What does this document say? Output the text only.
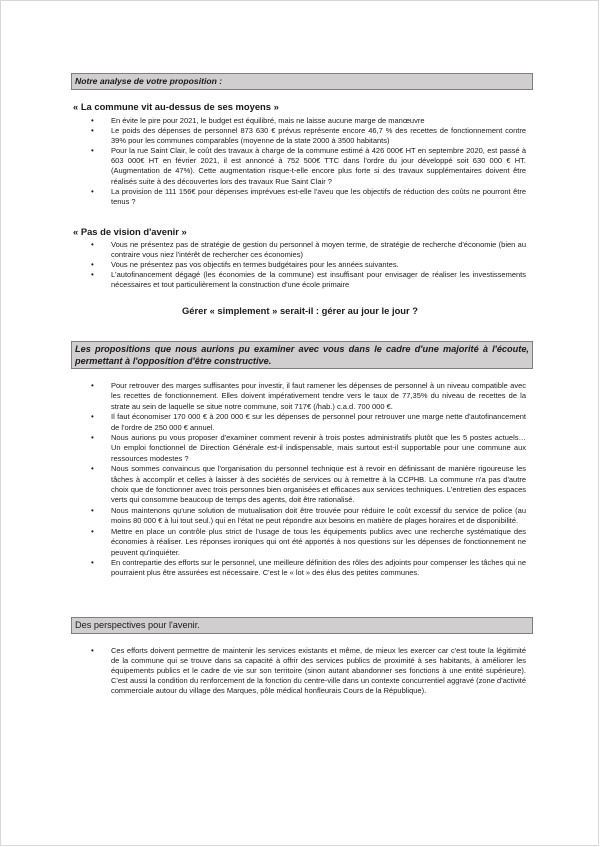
Notre analyse de votre proposition :
« La commune vit au-dessus de ses moyens »
• En évite le pire pour 2021, le budget est équilibré, mais ne laisse aucune marge de manœuvre
• Le poids des dépenses de personnel 873 630 € prévus représente encore 46,7 % des recettes de fonctionnement contre 39% pour les communes comparables (moyenne de la state 2000 à 3500 habitants)
• Pour la rue Saint Clair, le coût des travaux à charge de la commune estimé à 426 000€ HT en septembre 2020, est passé à 603 000€ HT en février 2021, il est annoncé à 752 500€ TTC dans l'ordre du jour développé soit 630 000 € HT. (Augmentation de 47%). Cette augmentation risque-t-elle encore plus forte si des travaux supplémentaires doivent être réalisés suite à des découvertes lors des travaux Rue Saint Clair ?
• La provision de 111 156€ pour dépenses imprévues est-elle l'aveu que les objectifs de réduction des coûts ne pourront être tenus ?
« Pas de vision d'avenir »
• Vous ne présentez pas de stratégie de gestion du personnel à moyen terme, de stratégie de recherche d'économie (bien au contraire vous niez l'intérêt de rechercher ces économies)
• Vous ne présentez pas vos objectifs en termes budgétaires pour les années suivantes.
• L'autofinancement dégagé (les économies de la commune) est insuffisant pour envisager de réaliser les investissements nécessaires et tout particulièrement la construction d'une école primaire
Gérer « simplement » serait-il : gérer au jour le jour ?
Les propositions que nous aurions pu examiner avec vous dans le cadre d'une majorité à l'écoute, permettant à l'opposition d'être constructive.
• Pour retrouver des marges suffisantes pour investir, il faut ramener les dépenses de personnel à un niveau compatible avec les recettes de fonctionnement. Elles doivent impérativement tendre vers le taux de 77,35% du niveau de recettes de la strate au sein de laquelle se situe notre commune, soit 717€ (/hab.) c.a.d. 700 000 €.
• Il faut économiser 170 000 € à 200 000 € sur les dépenses de personnel pour retrouver une marge nette d'autofinancement de l'ordre de 250 000 € annuel.
• Nous aurions pu vous proposer d'examiner comment revenir à trois postes administratifs plutôt que les 5 postes actuels… Un emploi fonctionnel de Direction Générale est-il indispensable, mais surtout est-il supportable pour une commune aux ressources modestes ?
• Nous sommes convaincus que l'organisation du personnel technique est à revoir en définissant de manière rigoureuse les tâches à accomplir et celles à laisser à des sociétés de services ou à remettre à la CCPHB. La commune n'a pas d'autre choix que de fonctionner avec trois personnes bien organisées et efficaces aux services techniques. L'entretien des espaces verts qui consomme beaucoup de temps des agents, doit être rationalisé.
• Nous maintenons qu'une solution de mutualisation doit être trouvée pour réduire le coût excessif du service de police (au moins 80 000 € à lui tout seul.) qui en l'état ne peut répondre aux besoins en matière de plages horaires et de disponibilité.
• Mettre en place un contrôle plus strict de l'usage de tous les équipements publics avec une recherche systématique des économies à réaliser. Les réponses ironiques qui ont été apportés à nos questions sur les dépenses de fonctionnement ne peuvent qu'inquiéter.
• En contrepartie des efforts sur le personnel, une meilleure définition des rôles des adjoints pour compenser les tâches qui ne pourraient plus être assurées est nécessaire. C'est le « lot » des élus des petites communes.
Des perspectives pour l'avenir.
• Ces efforts doivent permettre de maintenir les services existants et même, de mieux les exercer car c'est toute la légitimité de la commune qui se trouve dans sa capacité à offrir des services publics de proximité à ses habitants, à améliorer les équipements publics et le cadre de vie sur son territoire (sinon autant abandonner ses fonctions à une entité supérieure). C'est aussi la condition du renforcement de la fonction du centre-ville dans un contexte concurrentiel aggravé (zone d'activité commerciale autour du village des Marques, pôle médical honfleurais Cours de la République).
